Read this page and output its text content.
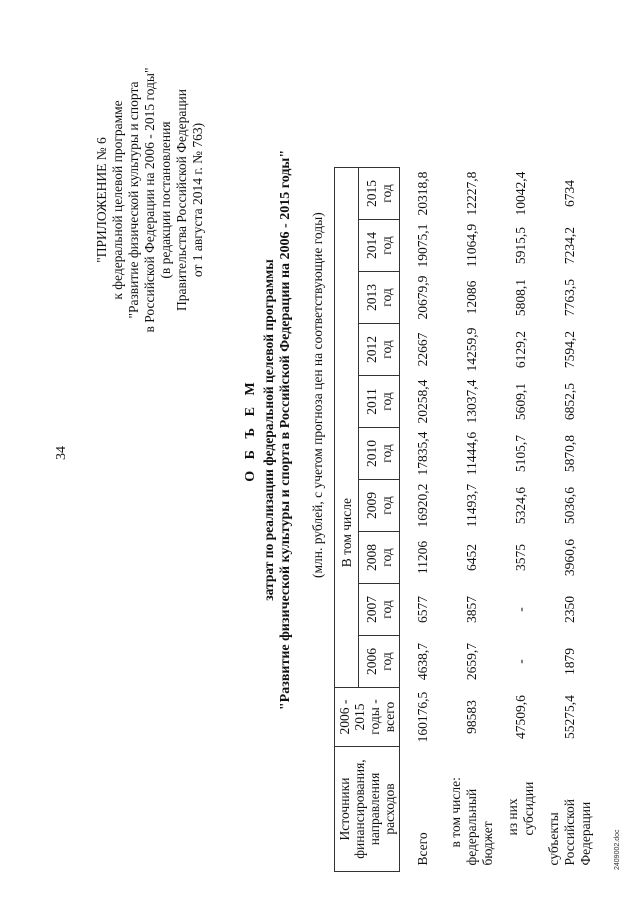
34
"ПРИЛОЖЕНИЕ № 6 к федеральной целевой программе "Развитие физической культуры и спорта в Российской Федерации на 2006 - 2015 годы" (в редакции постановления Правительства Российской Федерации от 1 августа 2014 г. № 763)
О Б Ъ Е М затрат по реализации федеральной целевой программы "Развитие физической культуры и спорта в Российской Федерации на 2006 - 2015 годы" (млн. рублей, с учетом прогноза цен на соответствующие годы)
Источники финансирования, направления расходов	2006 - 2015 годы - всего	В том числе									
		2006 год	2007 год	2008 год	2009 год	2010 год	2011 год	2012 год	2013 год	2014 год	2015 год
Всего	160176,5	4638,7	6577	11206	16920,2	17835,4	20258,4	22667	20679,9	19075,1	20318,8

в том числе: федеральный бюджет	98583	2659,7	3857	6452	11493,7	11444,6	13037,4	14259,9	12086	11064,9	12227,8
из них субсидии	47509,6	-	-	3575	5324,6	5105,7	5609,1	6129,2	5808,1	5915,5	10042,4
субъекты Российской Федерации	55275,4	1879	2350	3960,6	5036,6	5870,8	6852,5	7594,2	7763,5	7234,2	6734
2409002.doc
